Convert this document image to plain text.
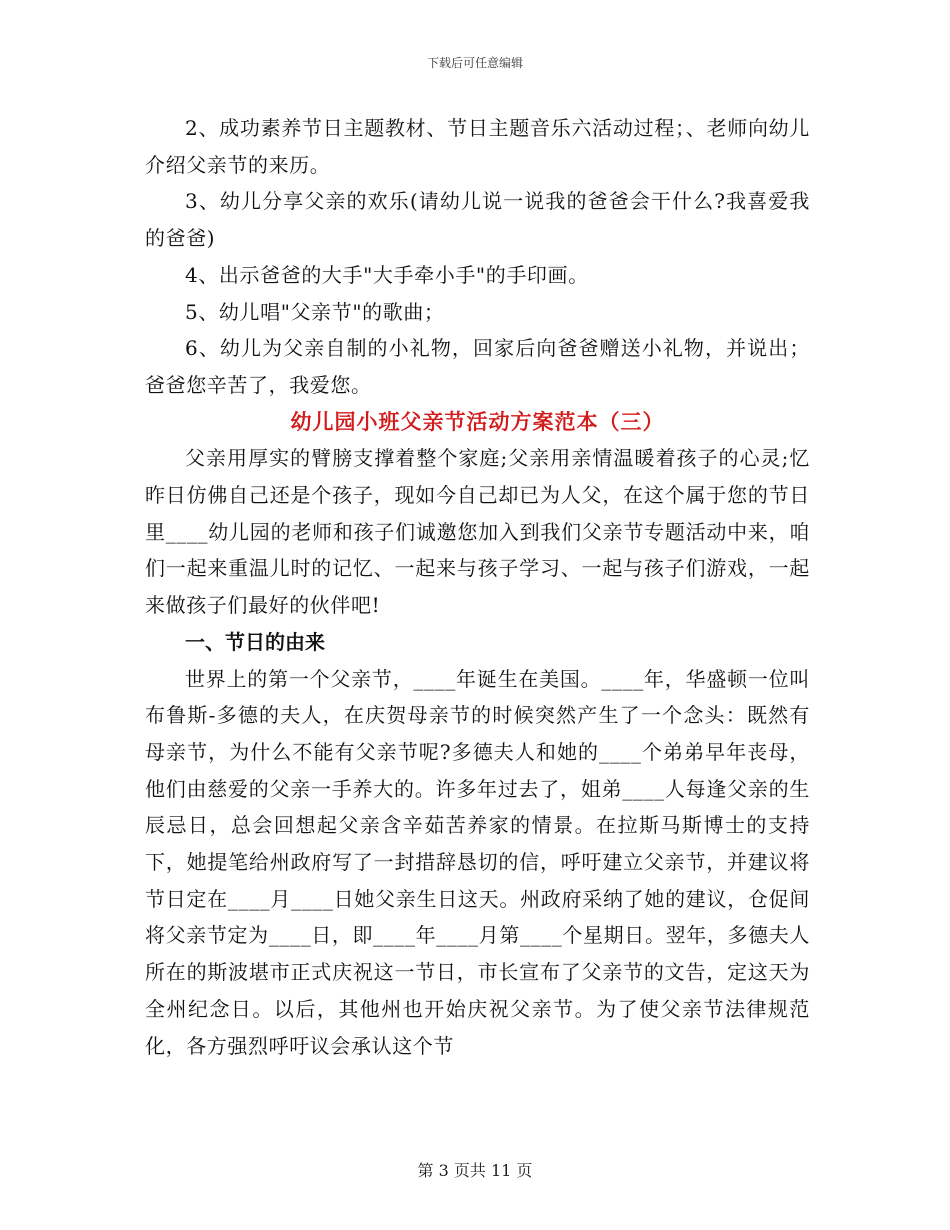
下载后可任意编辑

2、成功素养节日主题教材、节日主题音乐六活动过程；、老师向幼儿介绍父亲节的来历。

3、幼儿分享父亲的欢乐(请幼儿说一说我的爸爸会干什么?我喜爱我的爸爸)

4、出示爸爸的大手"大手牵小手"的手印画。

5、幼儿唱"父亲节"的歌曲；

6、幼儿为父亲自制的小礼物，回家后向爸爸赠送小礼物，并说出；爸爸您辛苦了，我爱您。

幼儿园小班父亲节活动方案范本（三）

父亲用厚实的臂膀支撑着整个家庭;父亲用亲情温暖着孩子的心灵;忆昨日仿佛自己还是个孩子，现如今自己却已为人父，在这个属于您的节日里____幼儿园的老师和孩子们诚邀您加入到我们父亲节专题活动中来，咱们一起来重温儿时的记忆、一起来与孩子学习、一起与孩子们游戏，一起来做孩子们最好的伙伴吧!

一、节日的由来

世界上的第一个父亲节，____年诞生在美国。____年，华盛顿一位叫布鲁斯-多德的夫人，在庆贺母亲节的时候突然产生了一个念头：既然有母亲节，为什么不能有父亲节呢?多德夫人和她的____个弟弟早年丧母，他们由慈爱的父亲一手养大的。许多年过去了，姐弟____人每逢父亲的生辰忌日，总会回想起父亲含辛茹苦养家的情景。在拉斯马斯博士的支持下，她提笔给州政府写了一封措辞恳切的信，呼吁建立父亲节，并建议将节日定在____月____日她父亲生日这天。州政府采纳了她的建议，仓促间将父亲节定为____日，即____年____月第____个星期日。翌年，多德夫人所在的斯波堪市正式庆祝这一节日，市长宣布了父亲节的文告，定这天为全州纪念日。以后，其他州也开始庆祝父亲节。为了使父亲节法律规范化，各方强烈呼吁议会承认这个节

第 3 页共 11 页
